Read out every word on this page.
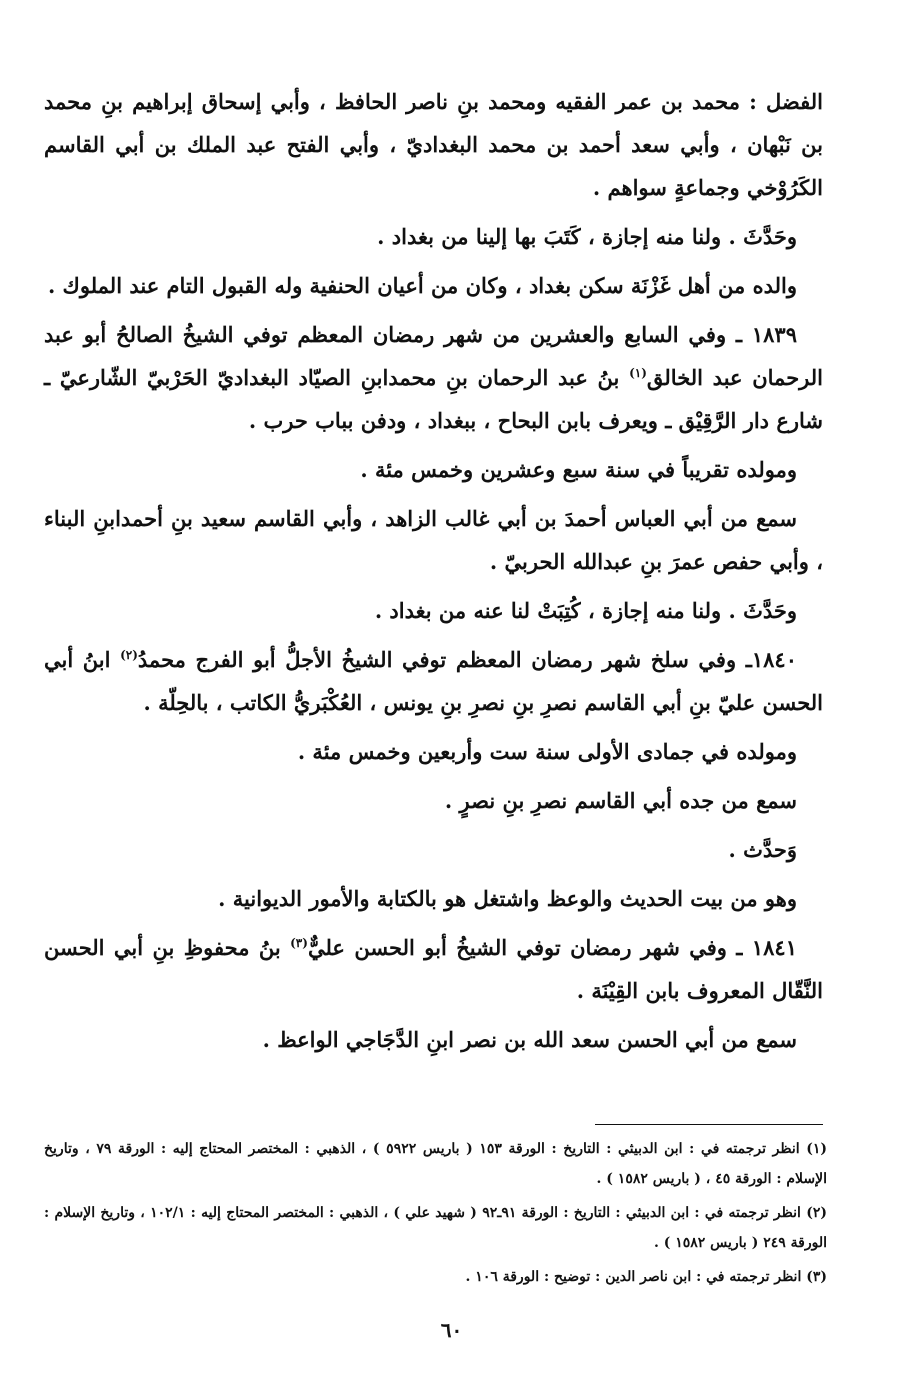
الفضل : محمد بن عمر الفقيه ومحمد بنِ ناصر الحافظ ، وأبي إسحاق إبراهيم بنِ محمد بن نَبْهان ، وأبي سعد أحمد بن محمد البغداديّ ، وأبي الفتح عبد الملك بن أبي القاسم الكَرُوْخي وجماعةٍ سواهم .

وحَدَّثَ . ولنا منه إجازة ، كَتَبَ بها إلينا من بغداد .

والده من أهل غَزْنَة سكن بغداد ، وكان من أعيان الحنفية وله القبول التام عند الملوك .

١٨٣٩ ـ وفي السابع والعشرين من شهر رمضان المعظم توفي الشيخُ الصالحُ أبو عبد الرحمان عبد الخالق$^{(١)}$ بنُ عبد الرحمان بنِ محمدابنِ الصيّاد البغداديّ الحَرْبيّ الشّارعيّ ـ شارع دار الرَّقِيْق ـ ويعرف بابن البحاح ، ببغداد ، ودفن بباب حرب .

ومولده تقريباً في سنة سبع وعشرين وخمس مئة .

سمع من أبي العباس أحمدَ بن أبي غالب الزاهد ، وأبي القاسم سعيد بنِ أحمدابنِ البناء ، وأبي حفص عمرَ بنِ عبدالله الحربيّ .

وحَدَّثَ . ولنا منه إجازة ، كُتِبَتْ لنا عنه من بغداد .

١٨٤٠ـ وفي سلخ شهر رمضان المعظم توفي الشيخُ الأجلُّ أبو الفرج محمدُ$^{(٢)}$ ابنُ أبي الحسن عليّ بنِ أبي القاسم نصرِ بنِ نصرِ بنِ يونس ، العُكْبَريُّ الكاتب ، بالحِلّة .

ومولده في جمادى الأولى سنة ست وأربعين وخمس مئة .

سمع من جده أبي القاسم نصرِ بنِ نصرٍ .

وَحدَّث .

وهو من بيت الحديث والوعظ واشتغل هو بالكتابة والأمور الديوانية .

١٨٤١ ـ وفي شهر رمضان توفي الشيخُ أبو الحسن عليٌّ$^{(٣)}$ بنُ محفوظِ بنِ أبي الحسن النَّقّال المعروف بابن القِيْنَة .

سمع من أبي الحسن سعد الله بن نصر ابنِ الدَّجَاجي الواعظ .

(١) انظر ترجمته في : ابن الدبيثي : التاريخ : الورقة ١٥٣ ( باريس ٥٩٢٢ ) ، الذهبي : المختصر المحتاج إليه : الورقة ٧٩ ، وتاريخ الإسلام : الورقة ٤٥ ، ( باريس ١٥٨٢ ) .

(٢) انظر ترجمته في : ابن الدبيثي : التاريخ : الورقة ٩١ـ٩٢ ( شهيد علي ) ، الذهبي : المختصر المحتاج إليه : ١٠٢/١ ، وتاريخ الإسلام : الورقة ٢٤٩ ( باريس ١٥٨٢ ) .

(٣) انظر ترجمته في : ابن ناصر الدين : توضيح : الورقة ١٠٦ .

٦٠
